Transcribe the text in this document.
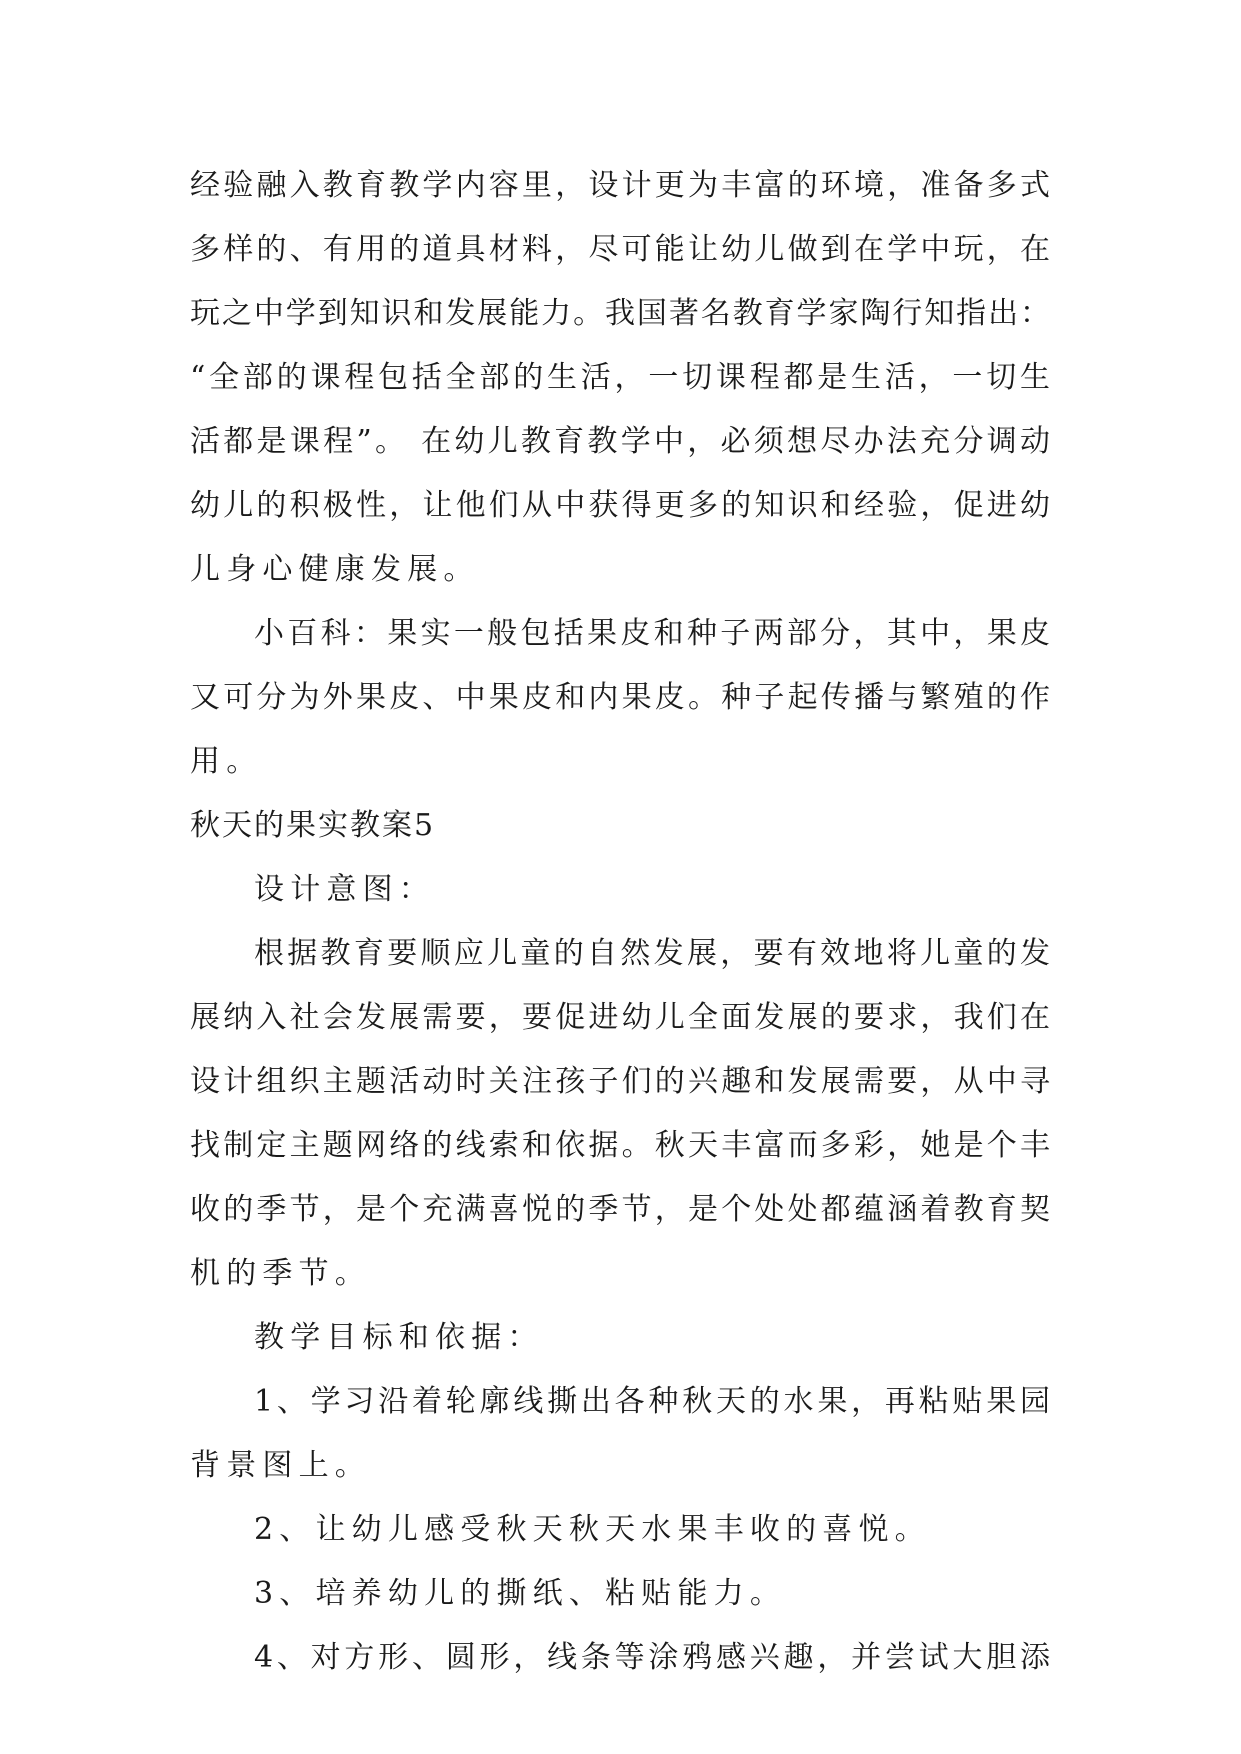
经验融入教育教学内容里，设计更为丰富的环境，准备多式
多样的、有用的道具材料，尽可能让幼儿做到在学中玩，在
玩之中学到知识和发展能力。我国著名教育学家陶行知指出：
“全部的课程包括全部的生活，一切课程都是生活，一切生
活都是课程”。 在幼儿教育教学中，必须想尽办法充分调动
幼儿的积极性，让他们从中获得更多的知识和经验，促进幼
儿身心健康发展。
小百科：果实一般包括果皮和种子两部分，其中，果皮
又可分为外果皮、中果皮和内果皮。种子起传播与繁殖的作
用。
秋天的果实教案5
设计意图：
根据教育要顺应儿童的自然发展，要有效地将儿童的发
展纳入社会发展需要，要促进幼儿全面发展的要求，我们在
设计组织主题活动时关注孩子们的兴趣和发展需要，从中寻
找制定主题网络的线索和依据。秋天丰富而多彩，她是个丰
收的季节，是个充满喜悦的季节，是个处处都蕴涵着教育契
机的季节。
教学目标和依据：
1、学习沿着轮廓线撕出各种秋天的水果，再粘贴果园
背景图上。
2、让幼儿感受秋天秋天水果丰收的喜悦。
3、培养幼儿的撕纸、粘贴能力。
4、对方形、圆形，线条等涂鸦感兴趣，并尝试大胆添
